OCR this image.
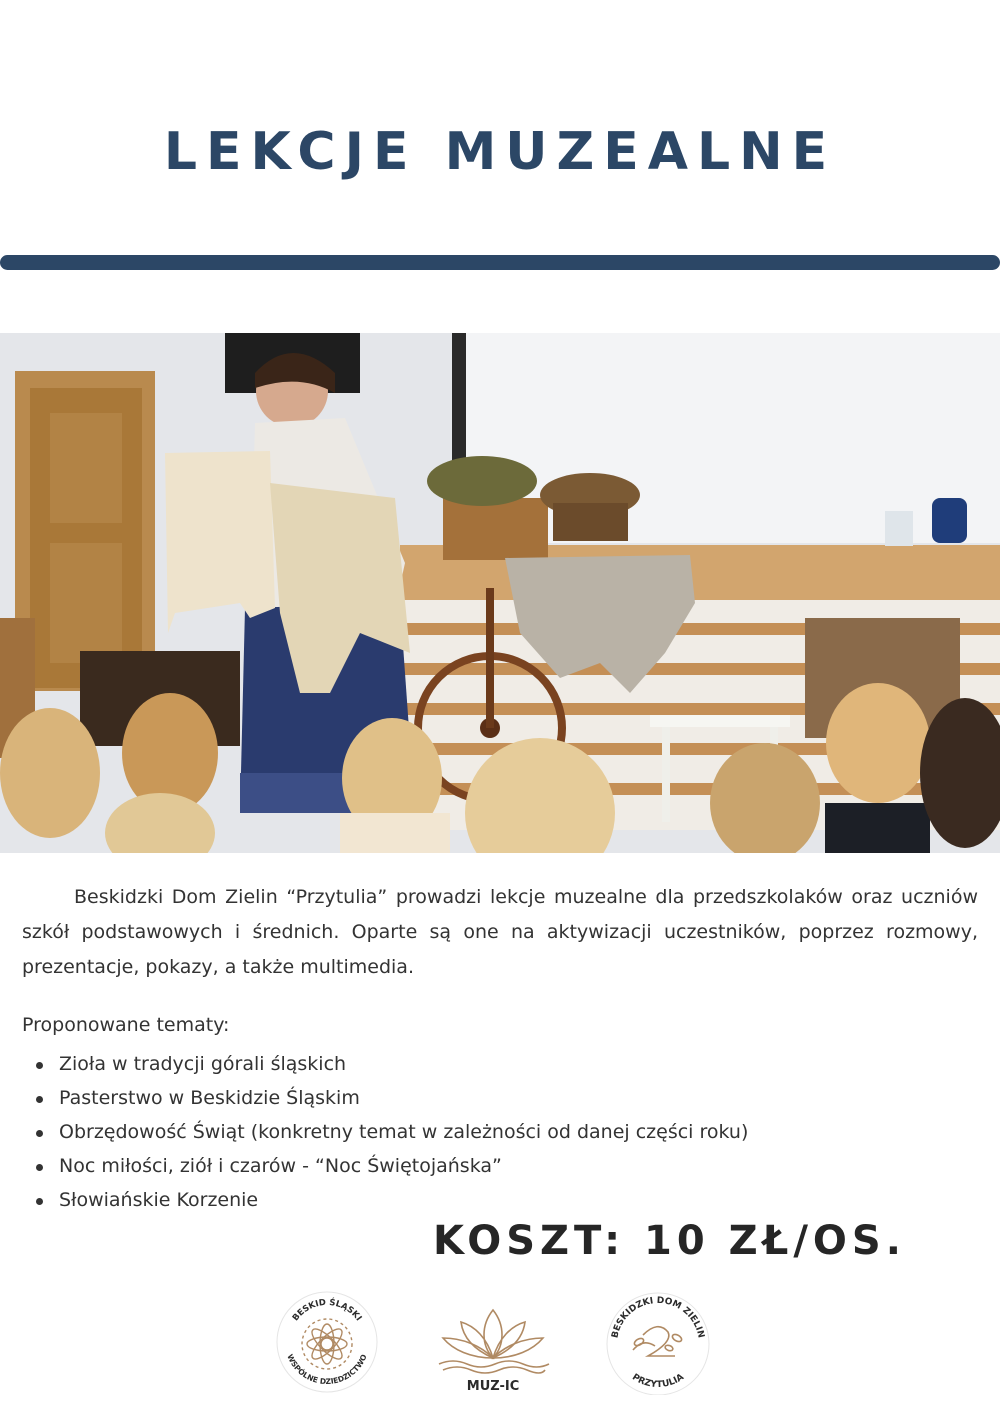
LEKCJE MUZEALNE

Beskidzki Dom Zielin “Przytulia” prowadzi lekcje muzealne dla przedszkolaków oraz uczniów szkół podstawowych i średnich. Oparte są one na aktywizacji uczestników, poprzez rozmowy, prezentacje, pokazy, a także multimedia.

Proponowane tematy:
Zioła w tradycji górali śląskich
Pasterstwo w Beskidzie Śląskim
Obrzędowość Świąt (konkretny temat w zależności od danej części roku)
Noc miłości, ziół i czarów - “Noc Świętojańska”
Słowiańskie Korzenie
KOSZT: 10 ZŁ/OS.
BESKID ŚLĄSKI
WSPÓLNE DZIEDZICTWO
MUZ-IC
BESKIDZKI DOM ZIELIN
PRZYTULIA
